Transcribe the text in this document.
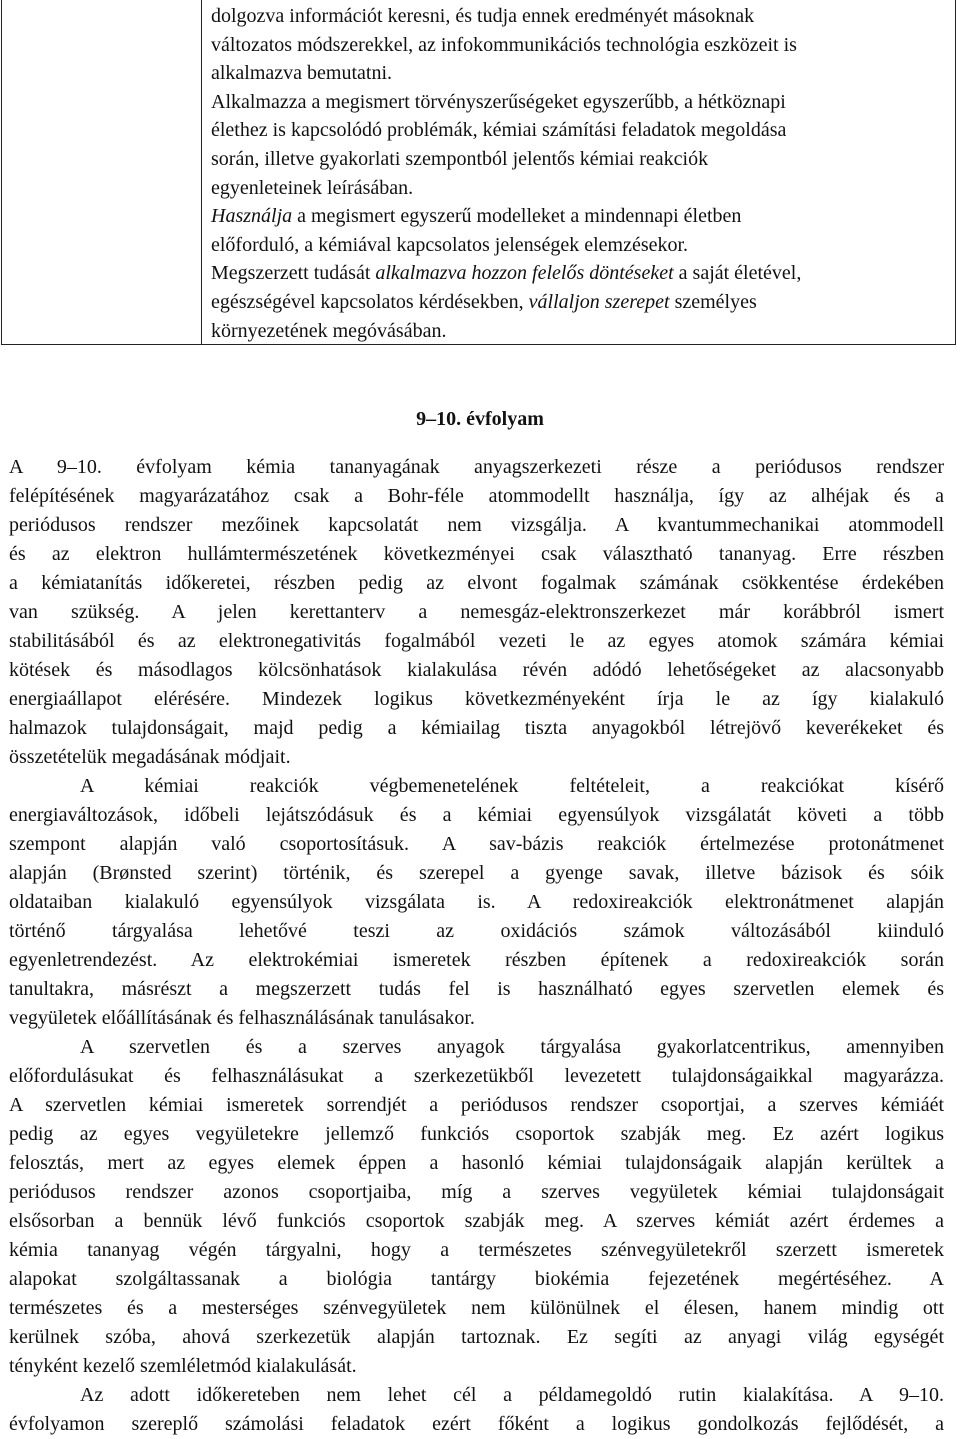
dolgozva információt keresni, és tudja ennek eredményét másoknak
változatos módszerekkel, az infokommunikációs technológia eszközeit is
alkalmazva bemutatni.
Alkalmazza a megismert törvényszerűségeket egyszerűbb, a hétköznapi
élethez is kapcsolódó problémák, kémiai számítási feladatok megoldása
során, illetve gyakorlati szempontból jelentős kémiai reakciók
egyenleteinek leírásában.
Használja a megismert egyszerű modelleket a mindennapi életben
előforduló, a kémiával kapcsolatos jelenségek elemzésekor.
Megszerzett tudását alkalmazva hozzon felelős döntéseket a saját életével,
egészségével kapcsolatos kérdésekben, vállaljon szerepet személyes
környezetének megóvásában.
9–10. évfolyam
A 9–10. évfolyam kémia tananyagának anyagszerkezeti része a periódusos rendszer
felépítésének magyarázatához csak a Bohr-féle atommodellt használja, így az alhéjak és a
periódusos rendszer mezőinek kapcsolatát nem vizsgálja. A kvantummechanikai atommodell
és az elektron hullámtermészetének következményei csak választható tananyag. Erre részben
a kémiatanítás időkeretei, részben pedig az elvont fogalmak számának csökkentése érdekében
van szükség. A jelen kerettanterv a nemesgáz-elektronszerkezet már korábbról ismert
stabilitásából és az elektronegativitás fogalmából vezeti le az egyes atomok számára kémiai
kötések és másodlagos kölcsönhatások kialakulása révén adódó lehetőségeket az alacsonyabb
energiaállapot elérésére. Mindezek logikus következményeként írja le az így kialakuló
halmazok tulajdonságait, majd pedig a kémiailag tiszta anyagokból létrejövő keverékeket és
összetételük megadásának módjait.
A kémiai reakciók végbemenetelének feltételeit, a reakciókat kísérő
energiaváltozások, időbeli lejátszódásuk és a kémiai egyensúlyok vizsgálatát követi a több
szempont alapján való csoportosításuk. A sav-bázis reakciók értelmezése protonátmenet
alapján (Brønsted szerint) történik, és szerepel a gyenge savak, illetve bázisok és sóik
oldataiban kialakuló egyensúlyok vizsgálata is. A redoxireakciók elektronátmenet alapján
történő tárgyalása lehetővé teszi az oxidációs számok változásából kiinduló
egyenletrendezést. Az elektrokémiai ismeretek részben építenek a redoxireakciók során
tanultakra, másrészt a megszerzett tudás fel is használható egyes szervetlen elemek és
vegyületek előállításának és felhasználásának tanulásakor.
A szervetlen és a szerves anyagok tárgyalása gyakorlatcentrikus, amennyiben
előfordulásukat és felhasználásukat a szerkezetükből levezetett tulajdonságaikkal magyarázza.
A szervetlen kémiai ismeretek sorrendjét a periódusos rendszer csoportjai, a szerves kémiáét
pedig az egyes vegyületekre jellemző funkciós csoportok szabják meg. Ez azért logikus
felosztás, mert az egyes elemek éppen a hasonló kémiai tulajdonságaik alapján kerültek a
periódusos rendszer azonos csoportjaiba, míg a szerves vegyületek kémiai tulajdonságait
elsősorban a bennük lévő funkciós csoportok szabják meg. A szerves kémiát azért érdemes a
kémia tananyag végén tárgyalni, hogy a természetes szénvegyületekről szerzett ismeretek
alapokat szolgáltassanak a biológia tantárgy biokémia fejezetének megértéséhez. A
természetes és a mesterséges szénvegyületek nem különülnek el élesen, hanem mindig ott
kerülnek szóba, ahová szerkezetük alapján tartoznak. Ez segíti az anyagi világ egységét
tényként kezelő szemléletmód kialakulását.
Az adott időkereteben nem lehet cél a példamegoldó rutin kialakítása. A 9–10.
évfolyamon szereplő számolási feladatok ezért főként a logikus gondolkozás fejlődését, a
